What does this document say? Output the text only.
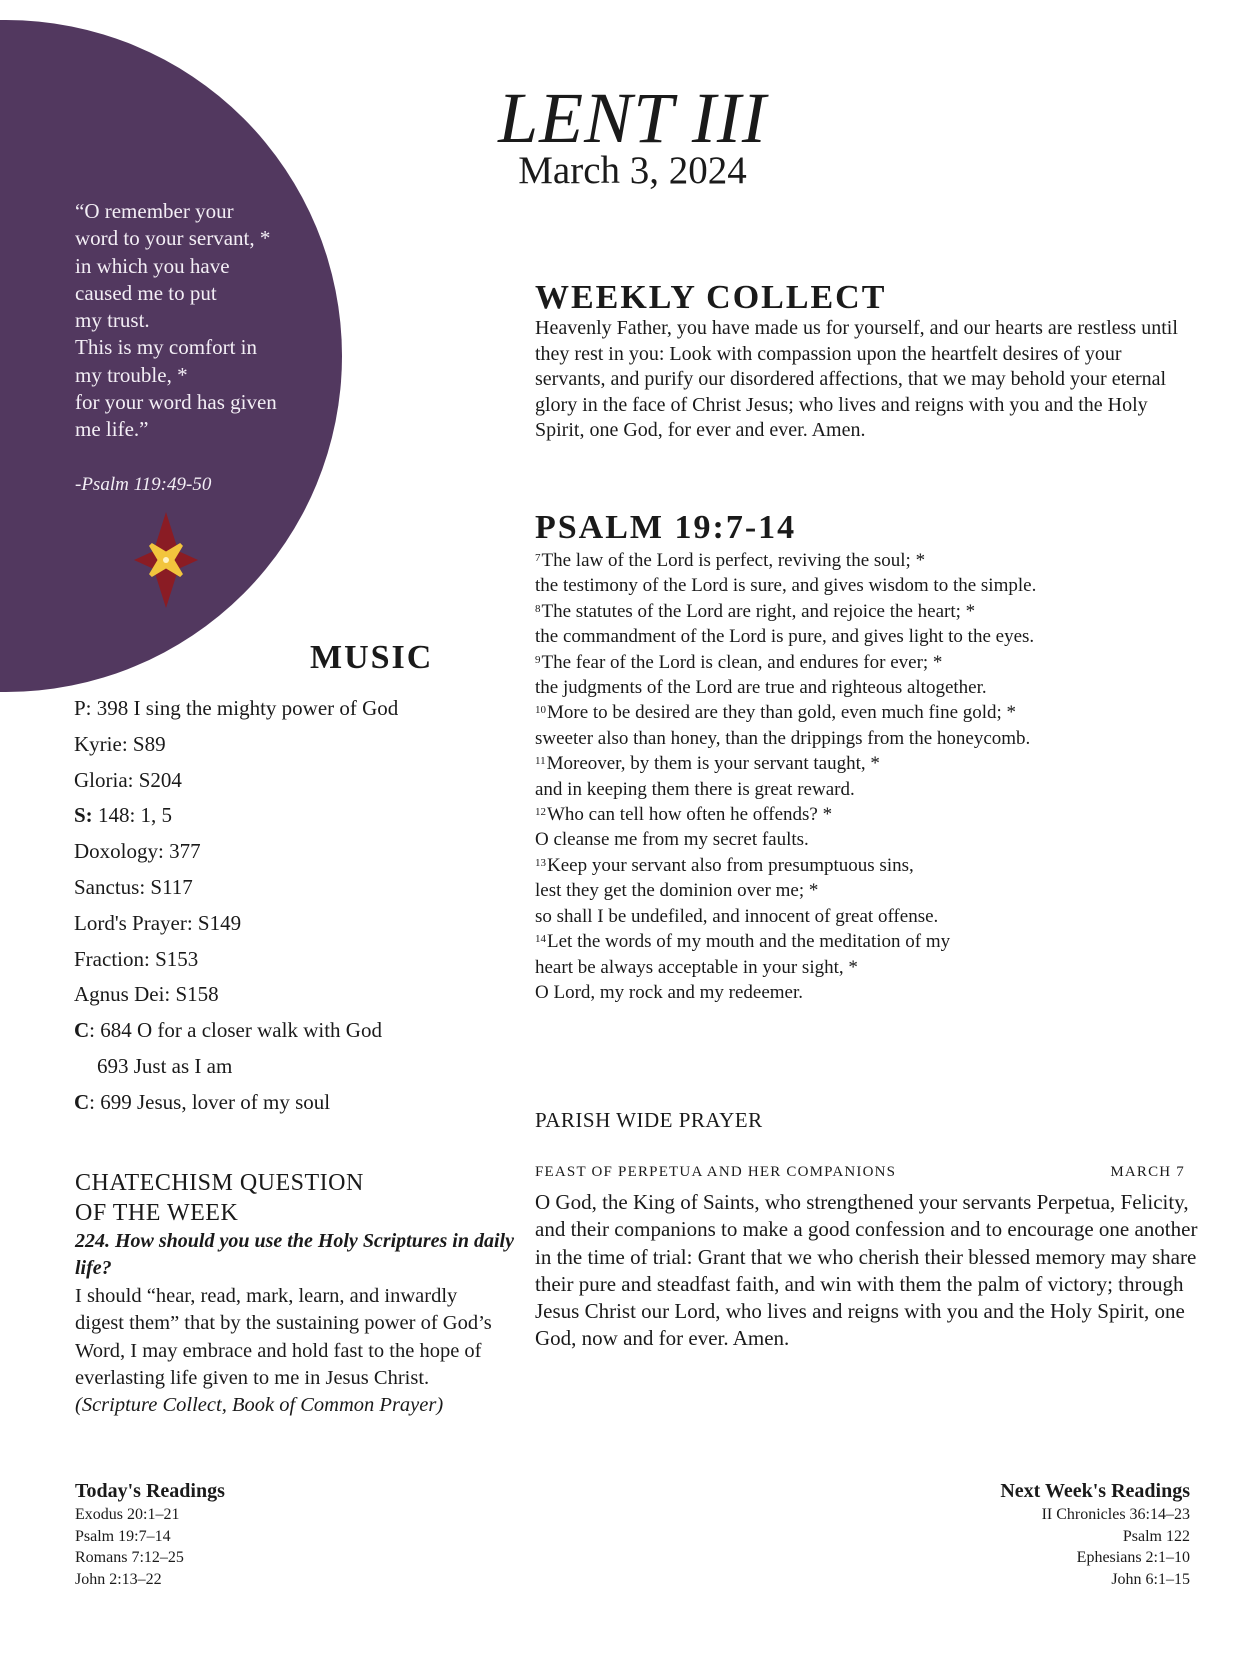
“O remember your
word to your servant, *
in which you have
caused me to put
my trust.
This is my comfort in
my trouble, *
for your word has given
me life.”
-Psalm 119:49-50
LENT III
March 3, 2024
WEEKLY COLLECT
Heavenly Father, you have made us for yourself, and our hearts are restless until they rest in you: Look with compassion upon the heartfelt desires of your servants, and purify our disordered affections, that we may behold your eternal glory in the face of Christ Jesus; who lives and reigns with you and the Holy Spirit, one God, for ever and ever. Amen.
PSALM 19:7-14
$^7$The law of the Lord is perfect, reviving the soul; *
the testimony of the Lord is sure, and gives wisdom to the simple.
$^8$The statutes of the Lord are right, and rejoice the heart; *
the commandment of the Lord is pure, and gives light to the eyes.
$^9$The fear of the Lord is clean, and endures for ever; *
the judgments of the Lord are true and righteous altogether.
$^{10}$More to be desired are they than gold, even much fine gold; *
sweeter also than honey, than the drippings from the honeycomb.
$^{11}$Moreover, by them is your servant taught, *
and in keeping them there is great reward.
$^{12}$Who can tell how often he offends? *
O cleanse me from my secret faults.
$^{13}$Keep your servant also from presumptuous sins,
lest they get the dominion over me; *
so shall I be undefiled, and innocent of great offense.
$^{14}$Let the words of my mouth and the meditation of my
heart be always acceptable in your sight, *
O Lord, my rock and my redeemer.
MUSIC
P: 398 I sing the mighty power of God
Kyrie: S89
Gloria: S204
S: 148: 1, 5
Doxology: 377
Sanctus: S117
Lord's Prayer: S149
Fraction: S153
Agnus Dei: S158
C: 684 O for a closer walk with God
693 Just as I am
C: 699 Jesus, lover of my soul
PARISH WIDE PRAYER
FEAST OF PERPETUA AND HER COMPANIONS	MARCH 7
O God, the King of Saints, who strengthened your servants Perpetua, Felicity, and their companions to make a good confession and to encourage one another in the time of trial: Grant that we who cherish their blessed memory may share their pure and steadfast faith, and win with them the palm of victory; through Jesus Christ our Lord, who lives and reigns with you and the Holy Spirit, one God, now and for ever. Amen.
CHATECHISM QUESTION
OF THE WEEK
224. How should you use the Holy Scriptures in daily life?
I should “hear, read, mark, learn, and inwardly digest them” that by the sustaining power of God’s Word, I may embrace and hold fast to the hope of everlasting life given to me in Jesus Christ. (Scripture Collect, Book of Common Prayer)
Today's Readings
Exodus 20:1–21
Psalm 19:7–14
Romans 7:12–25
John 2:13–22
Next Week's Readings
II Chronicles 36:14–23
Psalm 122
Ephesians 2:1–10
John 6:1–15
